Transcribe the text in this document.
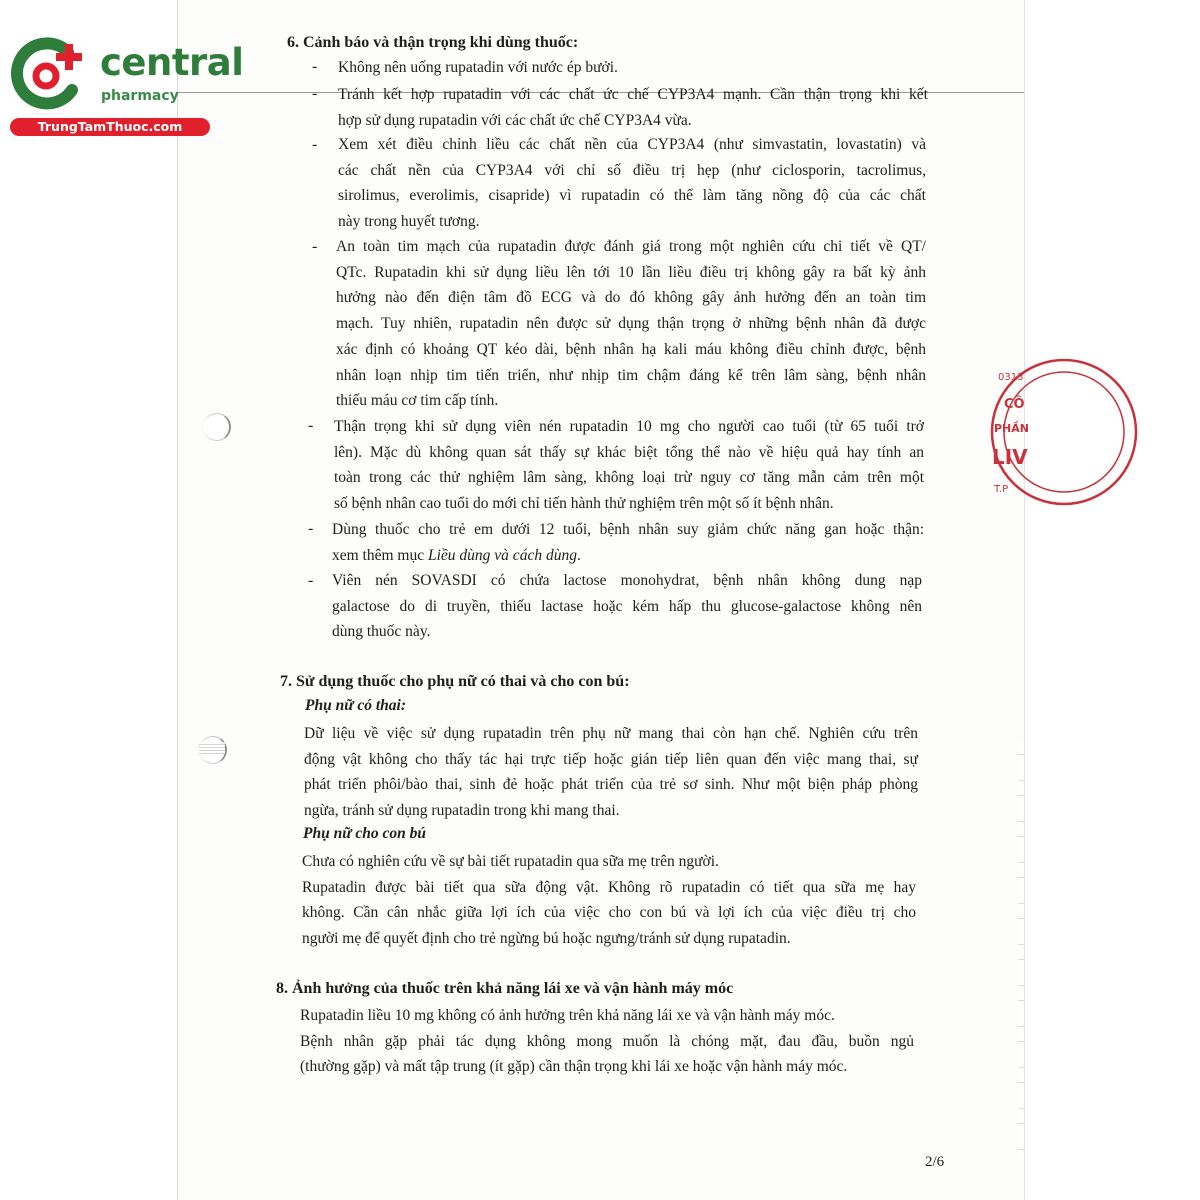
central
pharmacy
TrungTamThuoc.com
0313
CÔ
PHẦN
LIV
T.P
6. Cảnh báo và thận trọng khi dùng thuốc:
- Không nên uống rupatadin với nước ép bưởi.
- Tránh kết hợp rupatadin với các chất ức chế CYP3A4 mạnh. Cần thận trọng khi kết
hợp sử dụng rupatadin với các chất ức chế CYP3A4 vừa.
- Xem xét điều chỉnh liều các chất nền của CYP3A4 (như simvastatin, lovastatin) và
các chất nền của CYP3A4 với chỉ số điều trị hẹp (như ciclosporin, tacrolimus,
sirolimus, everolimis, cisapride) vì rupatadin có thể làm tăng nồng độ của các chất
này trong huyết tương.
- An toàn tim mạch của rupatadin được đánh giá trong một nghiên cứu chi tiết về QT/
QTc. Rupatadin khi sử dụng liều lên tới 10 lần liều điều trị không gây ra bất kỳ ảnh
hưởng nào đến điện tâm đồ ECG và do đó không gây ảnh hưởng đến an toàn tim
mạch. Tuy nhiên, rupatadin nên được sử dụng thận trọng ở những bệnh nhân đã được
xác định có khoảng QT kéo dài, bệnh nhân hạ kali máu không điều chỉnh được, bệnh
nhân loạn nhịp tim tiến triển, như nhịp tim chậm đáng kể trên lâm sàng, bệnh nhân
thiếu máu cơ tim cấp tính.
- Thận trọng khi sử dụng viên nén rupatadin 10 mg cho người cao tuổi (từ 65 tuổi trở
lên). Mặc dù không quan sát thấy sự khác biệt tổng thể nào về hiệu quả hay tính an
toàn trong các thử nghiệm lâm sàng, không loại trừ nguy cơ tăng mẫn cảm trên một
số bệnh nhân cao tuổi do mới chỉ tiến hành thử nghiệm trên một số ít bệnh nhân.
- Dùng thuốc cho trẻ em dưới 12 tuổi, bệnh nhân suy giảm chức năng gan hoặc thận:
xem thêm mục Liều dùng và cách dùng.
- Viên nén SOVASDI có chứa lactose monohydrat, bệnh nhân không dung nạp
galactose do di truyền, thiếu lactase hoặc kém hấp thu glucose-galactose không nên
dùng thuốc này.
7. Sử dụng thuốc cho phụ nữ có thai và cho con bú:
Phụ nữ có thai:
Dữ liệu về việc sử dụng rupatadin trên phụ nữ mang thai còn hạn chế. Nghiên cứu trên
động vật không cho thấy tác hại trực tiếp hoặc gián tiếp liên quan đến việc mang thai, sự
phát triển phôi/bào thai, sinh đẻ hoặc phát triển của trẻ sơ sinh. Như một biện pháp phòng
ngừa, tránh sử dụng rupatadin trong khi mang thai.
Phụ nữ cho con bú
Chưa có nghiên cứu về sự bài tiết rupatadin qua sữa mẹ trên người.
Rupatadin được bài tiết qua sữa động vật. Không rõ rupatadin có tiết qua sữa mẹ hay
không. Cần cân nhắc giữa lợi ích của việc cho con bú và lợi ích của việc điều trị cho
người mẹ để quyết định cho trẻ ngừng bú hoặc ngưng/tránh sử dụng rupatadin.
8. Ảnh hưởng của thuốc trên khả năng lái xe và vận hành máy móc
Rupatadin liều 10 mg không có ảnh hưởng trên khả năng lái xe và vận hành máy móc.
Bệnh nhân gặp phải tác dụng không mong muốn là chóng mặt, đau đầu, buồn ngủ
(thường gặp) và mất tập trung (ít gặp) cần thận trọng khi lái xe hoặc vận hành máy móc.
2/6
